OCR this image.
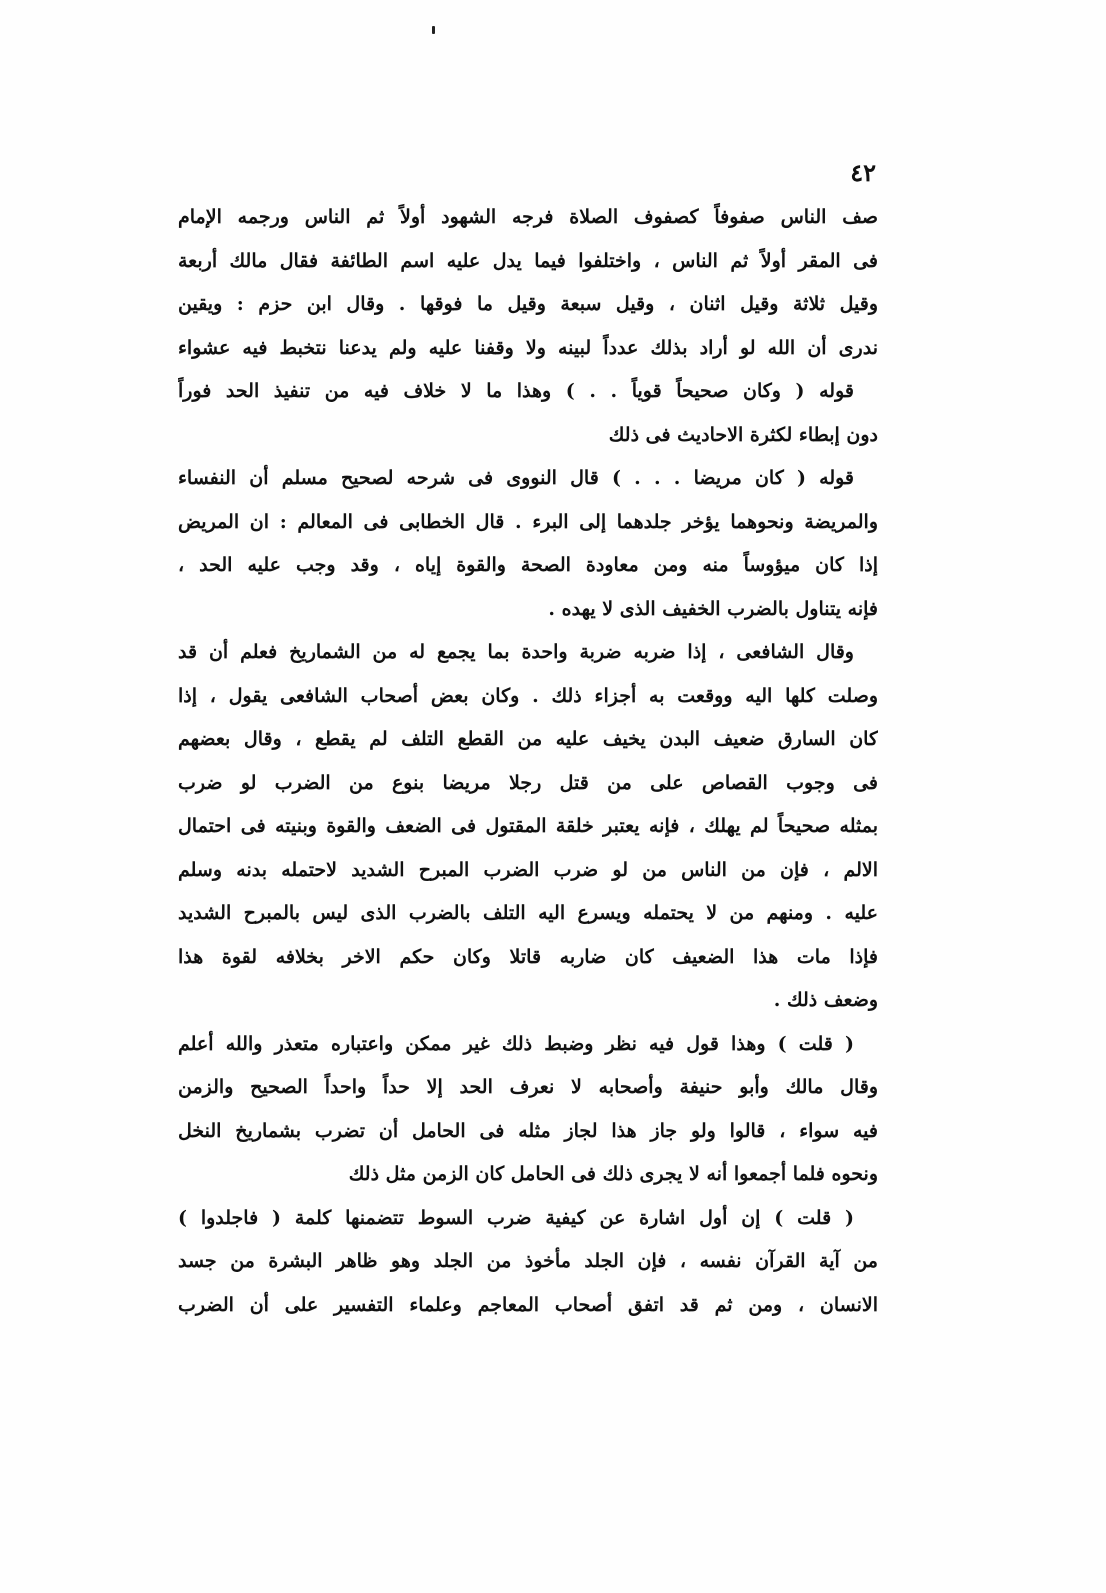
٤٢
صف الناس صفوفاً كصفوف الصلاة فرجه الشهود أولاً ثم الناس ورجمه الإمام
فى المقر أولاً ثم الناس ، واختلفوا فيما يدل عليه اسم الطائفة فقال مالك أربعة
وقيل ثلاثة وقيل اثنان ، وقيل سبعة وقيل ما فوقها . وقال ابن حزم : ويقين
ندرى أن الله لو أراد بذلك عدداً لبينه ولا وقفنا عليه ولم يدعنا نتخبط فيه عشواء
قوله ( وكان صحيحاً قوياً . . ) وهذا ما لا خلاف فيه من تنفيذ الحد فوراً
دون إبطاء لكثرة الاحاديث فى ذلك
قوله ( كان مريضا . . . ) قال النووى فى شرحه لصحيح مسلم أن النفساء
والمريضة ونحوهما يؤخر جلدهما إلى البرء . قال الخطابى فى المعالم : ان المريض
إذا كان ميؤوساً منه ومن معاودة الصحة والقوة إياه ، وقد وجب عليه الحد ،
فإنه يتناول بالضرب الخفيف الذى لا يهده .
وقال الشافعى ، إذا ضربه ضربة واحدة بما يجمع له من الشماريخ فعلم أن قد
وصلت كلها اليه ووقعت به أجزاء ذلك . وكان بعض أصحاب الشافعى يقول ، إذا
كان السارق ضعيف البدن يخيف عليه من القطع التلف لم يقطع ، وقال بعضهم
فى وجوب القصاص على من قتل رجلا مريضا بنوع من الضرب لو ضرب
بمثله صحيحاً لم يهلك ، فإنه يعتبر خلقة المقتول فى الضعف والقوة وبنيته فى احتمال
الالم ، فإن من الناس من لو ضرب الضرب المبرح الشديد لاحتمله بدنه وسلم
عليه . ومنهم من لا يحتمله ويسرع اليه التلف بالضرب الذى ليس بالمبرح الشديد
فإذا مات هذا الضعيف كان ضاربه قاتلا وكان حكم الاخر بخلافه لقوة هذا
وضعف ذلك .
( قلت ) وهذا قول فيه نظر وضبط ذلك غير ممكن واعتباره متعذر والله أعلم
وقال مالك وأبو حنيفة وأصحابه لا نعرف الحد إلا حداً واحداً الصحيح والزمن
فيه سواء ، قالوا ولو جاز هذا لجاز مثله فى الحامل أن تضرب بشماريخ النخل
ونحوه فلما أجمعوا أنه لا يجرى ذلك فى الحامل كان الزمن مثل ذلك
( قلت ) إن أول اشارة عن كيفية ضرب السوط تتضمنها كلمة ( فاجلدوا )
من آية القرآن نفسه ، فإن الجلد مأخوذ من الجلد وهو ظاهر البشرة من جسد
الانسان ، ومن ثم قد اتفق أصحاب المعاجم وعلماء التفسير على أن الضرب
